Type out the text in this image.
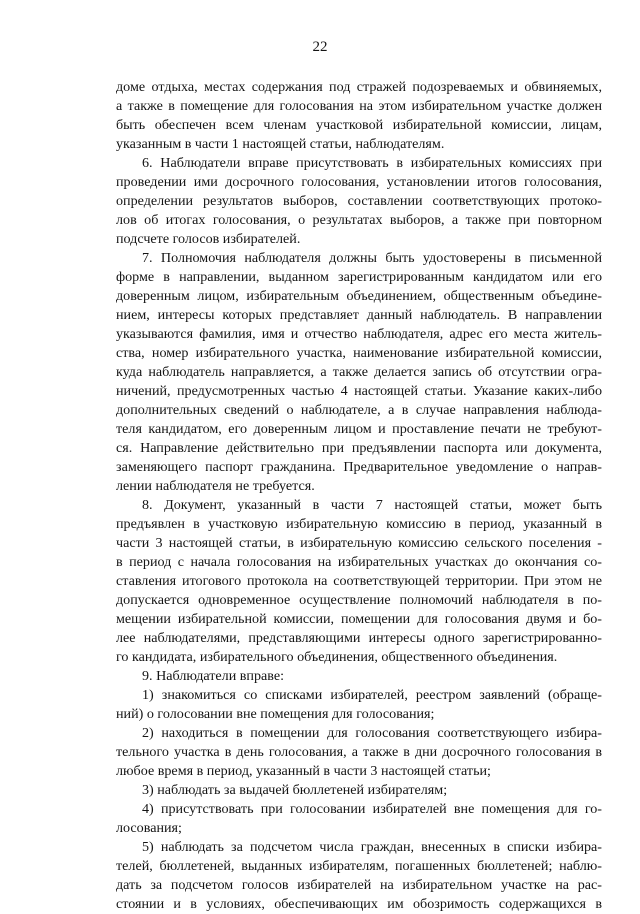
22
доме отдыха, местах содержания под стражей подозреваемых и обвиняемых,
а также в помещение для голосования на этом избирательном участке должен
быть обеспечен всем членам участковой избирательной комиссии, лицам,
указанным в части 1 настоящей статьи, наблюдателям.
6. Наблюдатели вправе присутствовать в избирательных комиссиях при
проведении ими досрочного голосования, установлении итогов голосования,
определении результатов выборов, составлении соответствующих протоко-
лов об итогах голосования, о результатах выборов, а также при повторном
подсчете голосов избирателей.
7. Полномочия наблюдателя должны быть удостоверены в письменной
форме в направлении, выданном зарегистрированным кандидатом или его
доверенным лицом, избирательным объединением, общественным объедине-
нием, интересы которых представляет данный наблюдатель. В направлении
указываются фамилия, имя и отчество наблюдателя, адрес его места житель-
ства, номер избирательного участка, наименование избирательной комиссии,
куда наблюдатель направляется, а также делается запись об отсутствии огра-
ничений, предусмотренных частью 4 настоящей статьи. Указание каких-либо
дополнительных сведений о наблюдателе, а в случае направления наблюда-
теля кандидатом, его доверенным лицом и проставление печати не требуют-
ся. Направление действительно при предъявлении паспорта или документа,
заменяющего паспорт гражданина. Предварительное уведомление о направ-
лении наблюдателя не требуется.
8. Документ, указанный в части 7 настоящей статьи, может быть
предъявлен в участковую избирательную комиссию в период, указанный в
части 3 настоящей статьи, в избирательную комиссию сельского поселения -
в период с начала голосования на избирательных участках до окончания со-
ставления итогового протокола на соответствующей территории. При этом не
допускается одновременное осуществление полномочий наблюдателя в по-
мещении избирательной комиссии, помещении для голосования двумя и бо-
лее наблюдателями, представляющими интересы одного зарегистрированно-
го кандидата, избирательного объединения, общественного объединения.
9. Наблюдатели вправе:
1) знакомиться со списками избирателей, реестром заявлений (обраще-
ний) о голосовании вне помещения для голосования;
2) находиться в помещении для голосования соответствующего избира-
тельного участка в день голосования, а также в дни досрочного голосования в
любое время в период, указанный в части 3 настоящей статьи;
3) наблюдать за выдачей бюллетеней избирателям;
4) присутствовать при голосовании избирателей вне помещения для го-
лосования;
5) наблюдать за подсчетом числа граждан, внесенных в списки избира-
телей, бюллетеней, выданных избирателям, погашенных бюллетеней; наблю-
дать за подсчетом голосов избирателей на избирательном участке на рас-
стоянии и в условиях, обеспечивающих им обозримость содержащихся в
